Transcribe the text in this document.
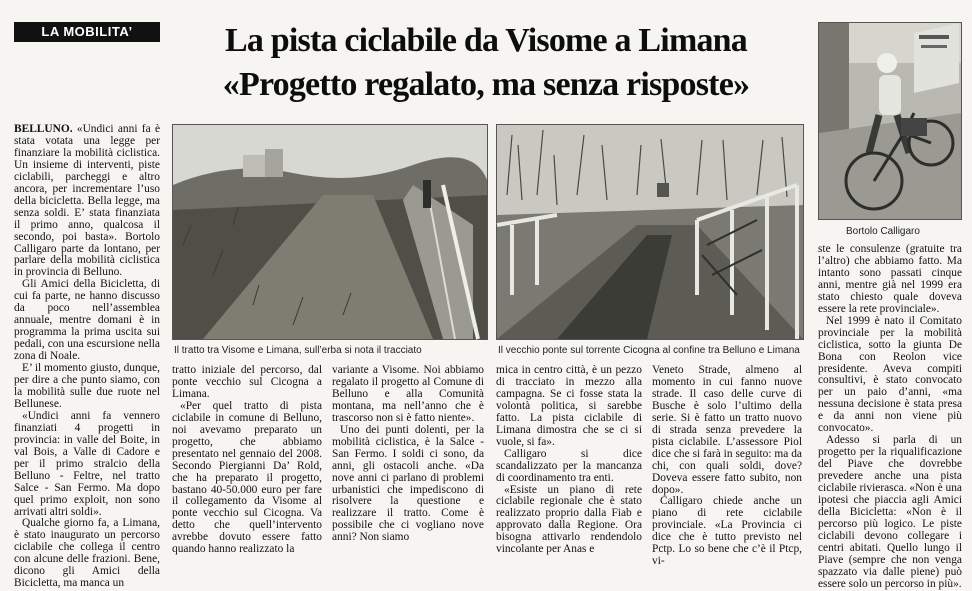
LA MOBILITA’	La pista ciclabile da Visome a Limana
«Progetto regalato, ma senza risposte»

BELLUNO. «Undici anni fa è stata votata una legge per finanziare la mobilità ciclistica. Un insieme di interventi, piste ciclabili, parcheggi e altro ancora, per incrementare l’uso della bicicletta. Bella legge, ma senza soldi. E’ stata finanziata il primo anno, qualcosa il secondo, poi basta». Bortolo Calligaro parte da lontano, per parlare della mobilità ciclistica in provincia di Belluno.

Gli Amici della Bicicletta, di cui fa parte, ne hanno discusso da poco nell’assemblea annuale, mentre domani è in programma la prima uscita sui pedali, con una escursione nella zona di Noale.

E’ il momento giusto, dunque, per dire a che punto siamo, con la mobilità sulle due ruote nel Bellunese.

«Undici anni fa vennero finanziati 4 progetti in provincia: in valle del Boite, in val Bois, a Valle di Cadore e per il primo stralcio della Belluno - Feltre, nel tratto Salce - San Fermo. Ma dopo quel primo exploit, non sono arrivati altri soldi».

Qualche giorno fa, a Limana, è stato inaugurato un percorso ciclabile che collega il centro con alcune delle frazioni. Bene, dicono gli Amici della Bicicletta, ma manca un

Il tratto tra Visome e Limana, sull’erba si nota il tracciato	Il vecchio ponte sul torrente Cicogna al confine tra Belluno e Limana
Bortolo Calligaro

tratto iniziale del percorso, dal ponte vecchio sul Cicogna a Limana.

«Per quel tratto di pista ciclabile in comune di Belluno, noi avevamo preparato un progetto, che abbiamo presentato nel gennaio del 2008. Secondo Piergianni Da’ Rold, che ha preparato il progetto, bastano 40-50.000 euro per fare il collegamento da Visome al ponte vecchio sul Cicogna. Va detto che quell’intervento avrebbe dovuto essere fatto quando hanno realizzato la

variante a Visome. Noi abbiamo regalato il progetto al Comune di Belluno e alla Comunità montana, ma nell’anno che è trascorso non si è fatto niente».

Uno dei punti dolenti, per la mobilità ciclistica, è la Salce - San Fermo. I soldi ci sono, da anni, gli ostacoli anche. «Da nove anni ci parlano di problemi urbanistici che impediscono di risolvere la questione e realizzare il tratto. Come è possibile che ci vogliano nove anni? Non siamo

mica in centro città, è un pezzo di tracciato in mezzo alla campagna. Se ci fosse stata la volontà politica, si sarebbe fatto. La pista ciclabile di Limana dimostra che se ci si vuole, si fa».

Calligaro si dice scandalizzato per la mancanza di coordinamento tra enti.

«Esiste un piano di rete ciclabile regionale che è stato realizzato proprio dalla Fiab e approvato dalla Regione. Ora bisogna attivarlo rendendolo vincolante per Anas e

Veneto Strade, almeno al momento in cui fanno nuove strade. Il caso delle curve di Busche è solo l’ultimo della serie. Si è fatto un tratto nuovo di strada senza prevedere la pista ciclabile. L’assessore Piol dice che si farà in seguito: ma da chi, con quali soldi, dove? Doveva essere fatto subito, non dopo».

Calligaro chiede anche un piano di rete ciclabile provinciale. «La Provincia ci dice che è tutto previsto nel Pctp. Lo so bene che c’è il Ptcp, vi-

ste le consulenze (gratuite tra l’altro) che abbiamo fatto. Ma intanto sono passati cinque anni, mentre già nel 1999 era stato chiesto quale doveva essere la rete provinciale».

Nel 1999 è nato il Comitato provinciale per la mobilità ciclistica, sotto la giunta De Bona con Reolon vice presidente. Aveva compiti consultivi, è stato convocato per un paio d’anni, «ma nessuna decisione è stata presa e da anni non viene più convocato».

Adesso si parla di un progetto per la riqualificazione del Piave che dovrebbe prevedere anche una pista ciclabile rivierasca. «Non è una ipotesi che piaccia agli Amici della Bicicletta: «Non è il percorso più logico. Le piste ciclabili devono collegare i centri abitati. Quello lungo il Piave (sempre che non venga spazzato via dalle piene) può essere solo un percorso in più».
